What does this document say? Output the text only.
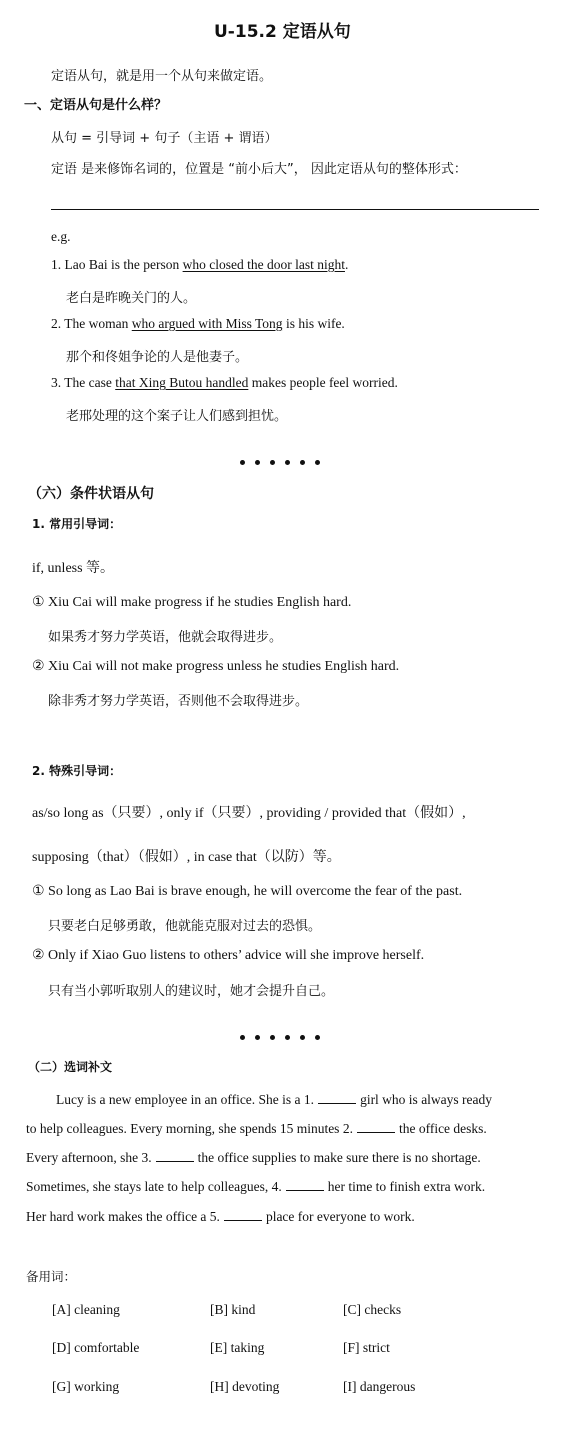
U-15.2 定语从句
定语从句，就是用一个从句来做定语。
一、定语从句是什么样？
从句 = 引导词 + 句子（主语 + 谓语）
定语 是来修饰名词的，位置是 “前小后大”， 因此定语从句的整体形式：
e.g.
1. Lao Bai is the person who closed the door last night.
老白是昨晚关门的人。
2. The woman who argued with Miss Tong is his wife.
那个和佟姐争论的人是他妻子。
3. The case that Xing Butou handled makes people feel worried.
老邢处理的这个案子让人们感到担忧。
（六）条件状语从句
1. 常用引导词：
if, unless 等。
① Xiu Cai will make progress if he studies English hard.
如果秀才努力学英语，他就会取得进步。
② Xiu Cai will not make progress unless he studies English hard.
除非秀才努力学英语，否则他不会取得进步。
2. 特殊引导词：
as/so long as（只要）, only if（只要）, providing / provided that（假如）,
supposing（that）（假如）, in case that（以防）等。
① So long as Lao Bai is brave enough, he will overcome the fear of the past.
只要老白足够勇敢，他就能克服对过去的恐惧。
② Only if Xiao Guo listens to others’ advice will she improve herself.
只有当小郭听取别人的建议时，她才会提升自己。
（二）选词补文
Lucy is a new employee in an office. She is a 1.	girl who is always ready
to help colleagues. Every morning, she spends 15 minutes 2.	the office desks.
Every afternoon, she 3.	the office supplies to make sure there is no shortage.
Sometimes, she stays late to help colleagues, 4.	her time to finish extra work.
Her hard work makes the office a 5.	place for everyone to work.
备用词：
[A] cleaning	[B] kind	[C] checks
[D] comfortable	[E] taking	[F] strict
[G] working	[H] devoting	[I] dangerous
